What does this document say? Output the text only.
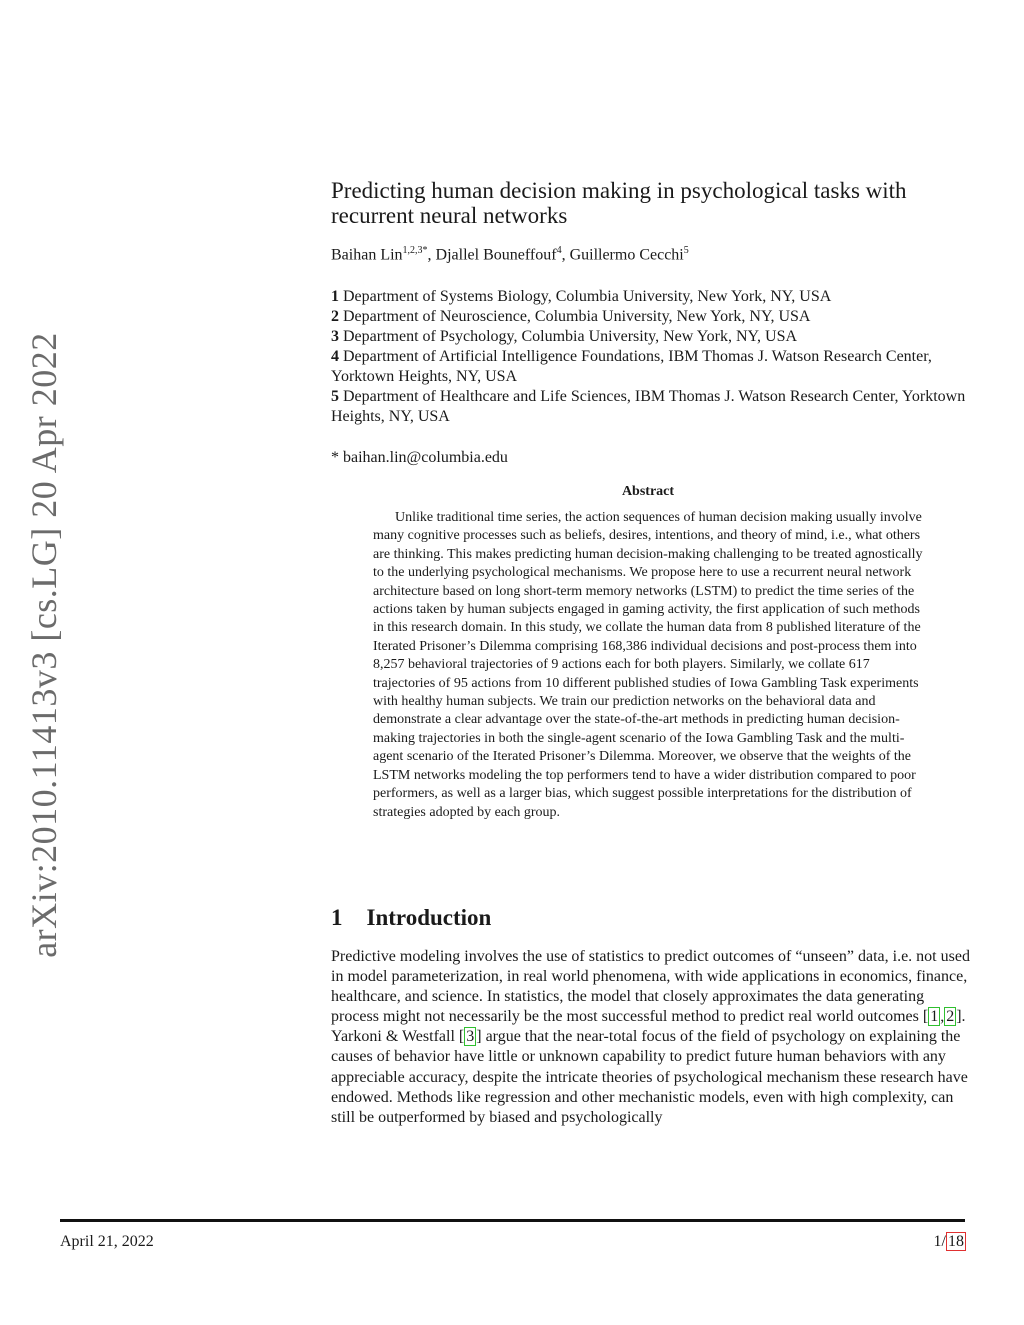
arXiv:2010.11413v3 [cs.LG] 20 Apr 2022
Predicting human decision making in psychological tasks with recurrent neural networks
Baihan Lin$^{1,2,3*}$, Djallel Bouneffouf$^4$, Guillermo Cecchi$^5$
1 Department of Systems Biology, Columbia University, New York, NY, USA
2 Department of Neuroscience, Columbia University, New York, NY, USA
3 Department of Psychology, Columbia University, New York, NY, USA
4 Department of Artificial Intelligence Foundations, IBM Thomas J. Watson Research Center, Yorktown Heights, NY, USA
5 Department of Healthcare and Life Sciences, IBM Thomas J. Watson Research Center, Yorktown Heights, NY, USA
* baihan.lin@columbia.edu
Abstract

Unlike traditional time series, the action sequences of human decision making usually involve many cognitive processes such as beliefs, desires, intentions, and theory of mind, i.e., what others are thinking. This makes predicting human decision-making challenging to be treated agnostically to the underlying psychological mechanisms. We propose here to use a recurrent neural network architecture based on long short-term memory networks (LSTM) to predict the time series of the actions taken by human subjects engaged in gaming activity, the first application of such methods in this research domain. In this study, we collate the human data from 8 published literature of the Iterated Prisoner’s Dilemma comprising 168,386 individual decisions and post-process them into 8,257 behavioral trajectories of 9 actions each for both players. Similarly, we collate 617 trajectories of 95 actions from 10 different published studies of Iowa Gambling Task experiments with healthy human subjects. We train our prediction networks on the behavioral data and demonstrate a clear advantage over the state-of-the-art methods in predicting human decision-making trajectories in both the single-agent scenario of the Iowa Gambling Task and the multi-agent scenario of the Iterated Prisoner’s Dilemma. Moreover, we observe that the weights of the LSTM networks modeling the top performers tend to have a wider distribution compared to poor performers, as well as a larger bias, which suggest possible interpretations for the distribution of strategies adopted by each group.

1 Introduction

Predictive modeling involves the use of statistics to predict outcomes of “unseen” data, i.e. not used in model parameterization, in real world phenomena, with wide applications in economics, finance, healthcare, and science. In statistics, the model that closely approximates the data generating process might not necessarily be the most successful method to predict real world outcomes [ 1 , 2 ]. Yarkoni & Westfall [ 3 ] argue that the near-total focus of the field of psychology on explaining the causes of behavior have little or unknown capability to predict future human behaviors with any appreciable accuracy, despite the intricate theories of psychological mechanism these research have endowed. Methods like regression and other mechanistic models, even with high complexity, can still be outperformed by biased and psychologically

April 21, 2022	1/ 18
